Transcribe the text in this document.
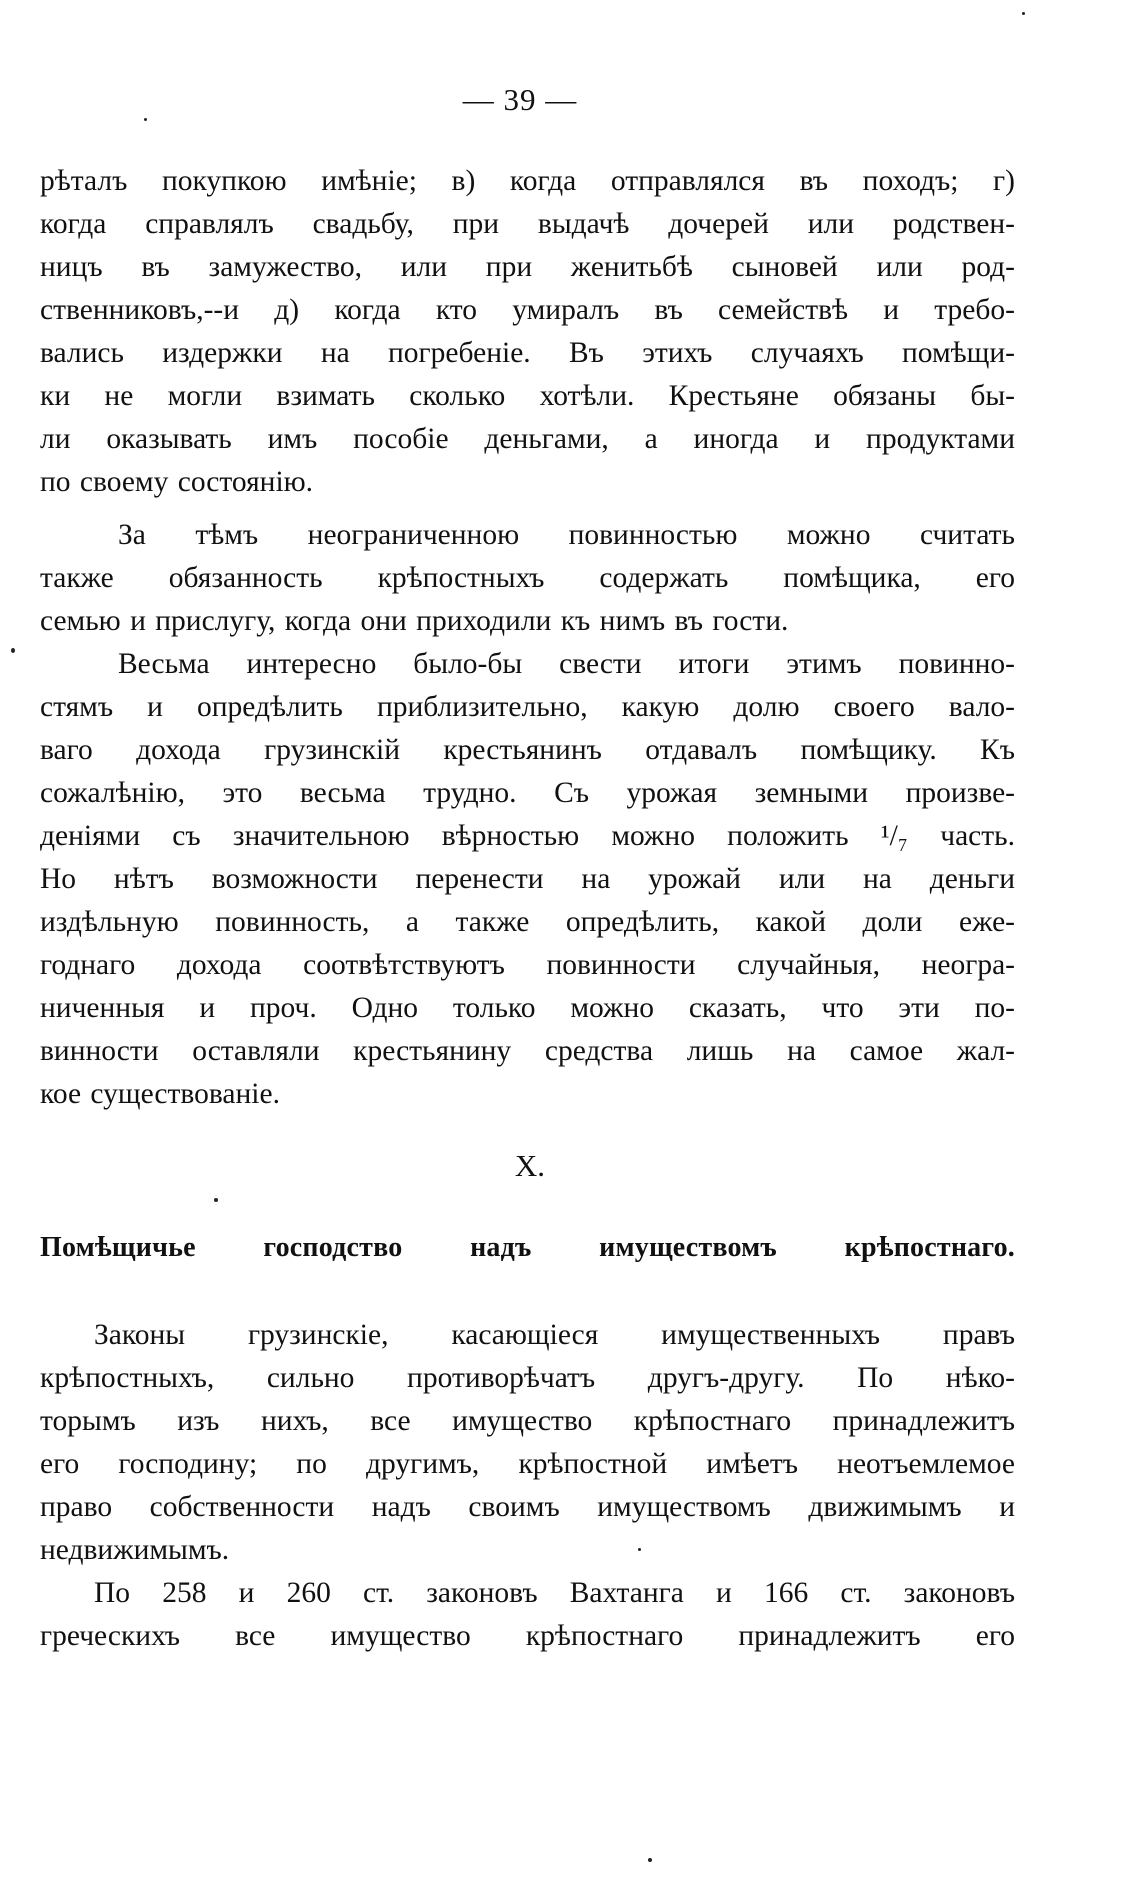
— 39 —
рѣталъ покупкою имѣніе; в) когда отправлялся въ походъ; г)
когда справлялъ свадьбу, при выдачѣ дочерей или родствен-
ницъ въ замужество, или при женитьбѣ сыновей или род-
ственниковъ,--и д) когда кто умиралъ въ семействѣ и требо-
вались издержки на погребеніе. Въ этихъ случаяхъ помѣщи-
ки не могли взимать сколько хотѣли. Крестьяне обязаны бы-
ли оказывать имъ пособіе деньгами, а иногда и продуктами
по своему состоянію.
За тѣмъ неограниченною повинностью можно считать
также обязанность крѣпостныхъ содержать помѣщика, его
семью и прислугу, когда они приходили къ нимъ въ гости.
Весьма интересно было-бы свести итоги этимъ повинно-
стямъ и опредѣлить приблизительно, какую долю своего вало-
ваго дохода грузинскій крестьянинъ отдавалъ помѣщику. Къ
сожалѣнію, это весьма трудно. Съ урожая земными произве-
деніями съ значительною вѣрностью можно положить ¹/₇ часть.
Но нѣтъ возможности перенести на урожай или на деньги
издѣльную повинность, а также опредѣлить, какой доли еже-
годнаго дохода соотвѣтствуютъ повинности случайныя, неогра-
ниченныя и проч. Одно только можно сказать, что эти по-
винности оставляли крестьянину средства лишь на самое жал-
кое существованіе.
X.
Помѣщичье господство надъ имуществомъ крѣпостнаго.
Законы грузинскіе, касающіеся имущественныхъ правъ
крѣпостныхъ, сильно противорѣчатъ другъ-другу. По нѣко-
торымъ изъ нихъ, все имущество крѣпостнаго принадлежитъ
его господину; по другимъ, крѣпостной имѣетъ неотъемлемое
право собственности надъ своимъ имуществомъ движимымъ и
недвижимымъ.
По 258 и 260 ст. законовъ Вахтанга и 166 ст. законовъ
греческихъ все имущество крѣпостнаго принадлежитъ его
